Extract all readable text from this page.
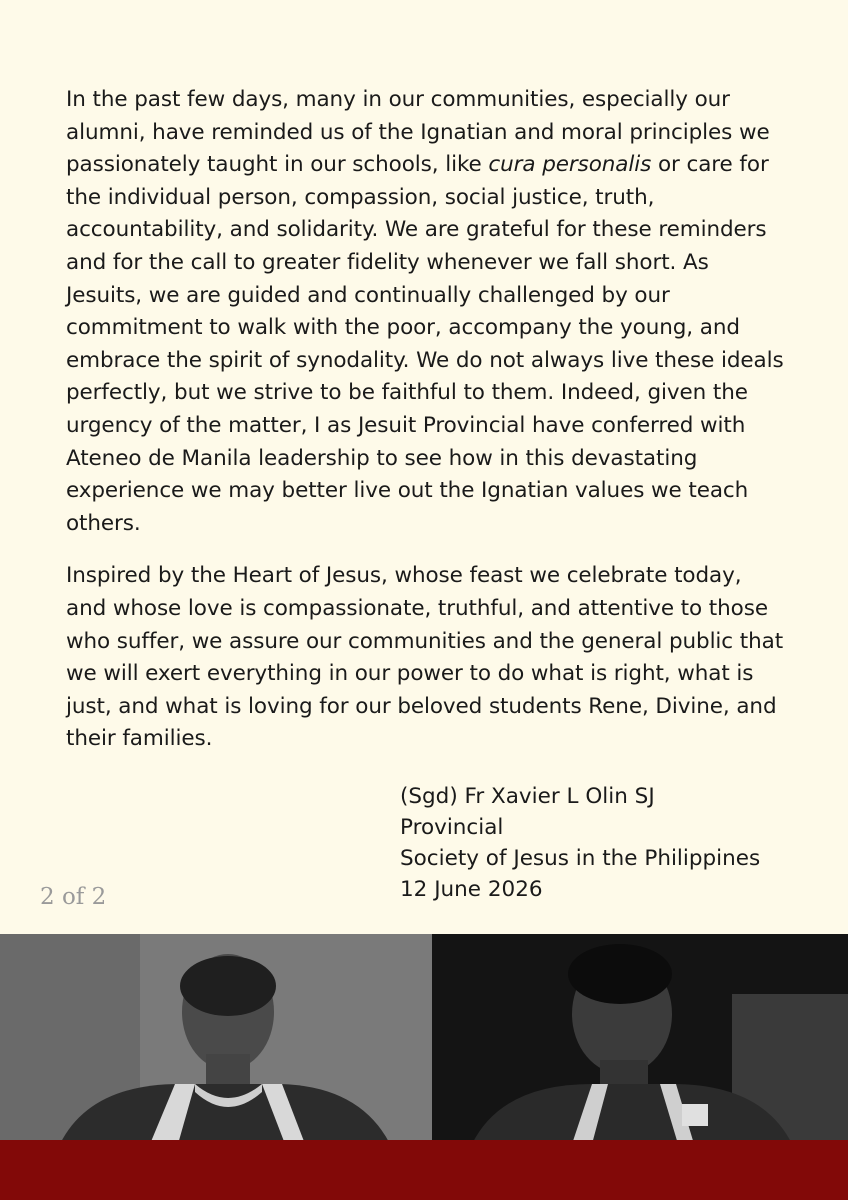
In the past few days, many in our communities, especially our alumni, have reminded us of the Ignatian and moral principles we passionately taught in our schools, like cura personalis or care for the individual person, compassion, social justice, truth, accountability, and solidarity. We are grateful for these reminders and for the call to greater fidelity whenever we fall short. As Jesuits, we are guided and continually challenged by our commitment to walk with the poor, accompany the young, and embrace the spirit of synodality. We do not always live these ideals perfectly, but we strive to be faithful to them. Indeed, given the urgency of the matter, I as Jesuit Provincial have conferred with Ateneo de Manila leadership to see how in this devastating experience we may better live out the Ignatian values we teach others.

Inspired by the Heart of Jesus, whose feast we celebrate today, and whose love is compassionate, truthful, and attentive to those who suffer, we assure our communities and the general public that we will exert everything in our power to do what is right, what is just, and what is loving for our beloved students Rene, Divine, and their families.

(Sgd) Fr Xavier L Olin SJ
Provincial
Society of Jesus in the Philippines
12 June 2026
2 of 2
